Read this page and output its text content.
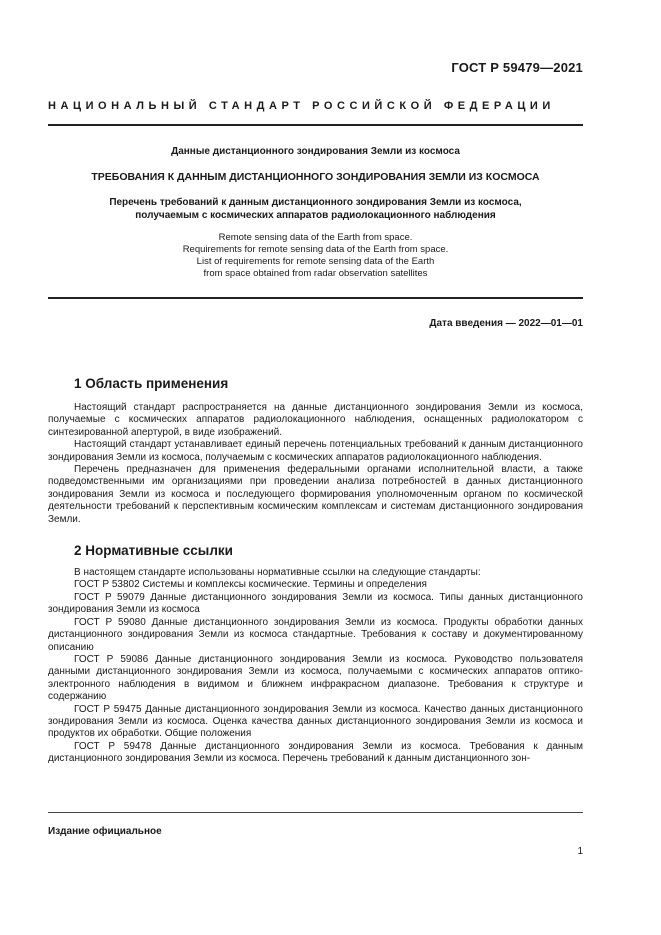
ГОСТ Р 59479—2021
НАЦИОНАЛЬНЫЙ СТАНДАРТ РОССИЙСКОЙ ФЕДЕРАЦИИ
Данные дистанционного зондирования Земли из космоса
ТРЕБОВАНИЯ К ДАННЫМ ДИСТАНЦИОННОГО ЗОНДИРОВАНИЯ ЗЕМЛИ ИЗ КОСМОСА
Перечень требований к данным дистанционного зондирования Земли из космоса,
получаемым с космических аппаратов радиолокационного наблюдения
Remote sensing data of the Earth from space.
Requirements for remote sensing data of the Earth from space.
List of requirements for remote sensing data of the Earth
from space obtained from radar observation satellites
Дата введения — 2022—01—01
1 Область применения

Настоящий стандарт распространяется на данные дистанционного зондирования Земли из космоса, получаемые с космических аппаратов радиолокационного наблюдения, оснащенных радиолокатором с синтезированной апертурой, в виде изображений.

Настоящий стандарт устанавливает единый перечень потенциальных требований к данным дистанционного зондирования Земли из космоса, получаемым с космических аппаратов радиолокационного наблюдения.

Перечень предназначен для применения федеральными органами исполнительной власти, а также подведомственными им организациями при проведении анализа потребностей в данных дистанционного зондирования Земли из космоса и последующего формирования уполномоченным органом по космической деятельности требований к перспективным космическим комплексам и системам дистанционного зондирования Земли.

2 Нормативные ссылки

В настоящем стандарте использованы нормативные ссылки на следующие стандарты:

ГОСТ Р 53802 Системы и комплексы космические. Термины и определения

ГОСТ Р 59079 Данные дистанционного зондирования Земли из космоса. Типы данных дистанционного зондирования Земли из космоса

ГОСТ Р 59080 Данные дистанционного зондирования Земли из космоса. Продукты обработки данных дистанционного зондирования Земли из космоса стандартные. Требования к составу и документированному описанию

ГОСТ Р 59086 Данные дистанционного зондирования Земли из космоса. Руководство пользователя данными дистанционного зондирования Земли из космоса, получаемыми с космических аппаратов оптико-электронного наблюдения в видимом и ближнем инфракрасном диапазоне. Требования к структуре и содержанию

ГОСТ Р 59475 Данные дистанционного зондирования Земли из космоса. Качество данных дистанционного зондирования Земли из космоса. Оценка качества данных дистанционного зондирования Земли из космоса и продуктов их обработки. Общие положения

ГОСТ Р 59478 Данные дистанционного зондирования Земли из космоса. Требования к данным дистанционного зондирования Земли из космоса. Перечень требований к данным дистанционного зон-

Издание официальное
1
